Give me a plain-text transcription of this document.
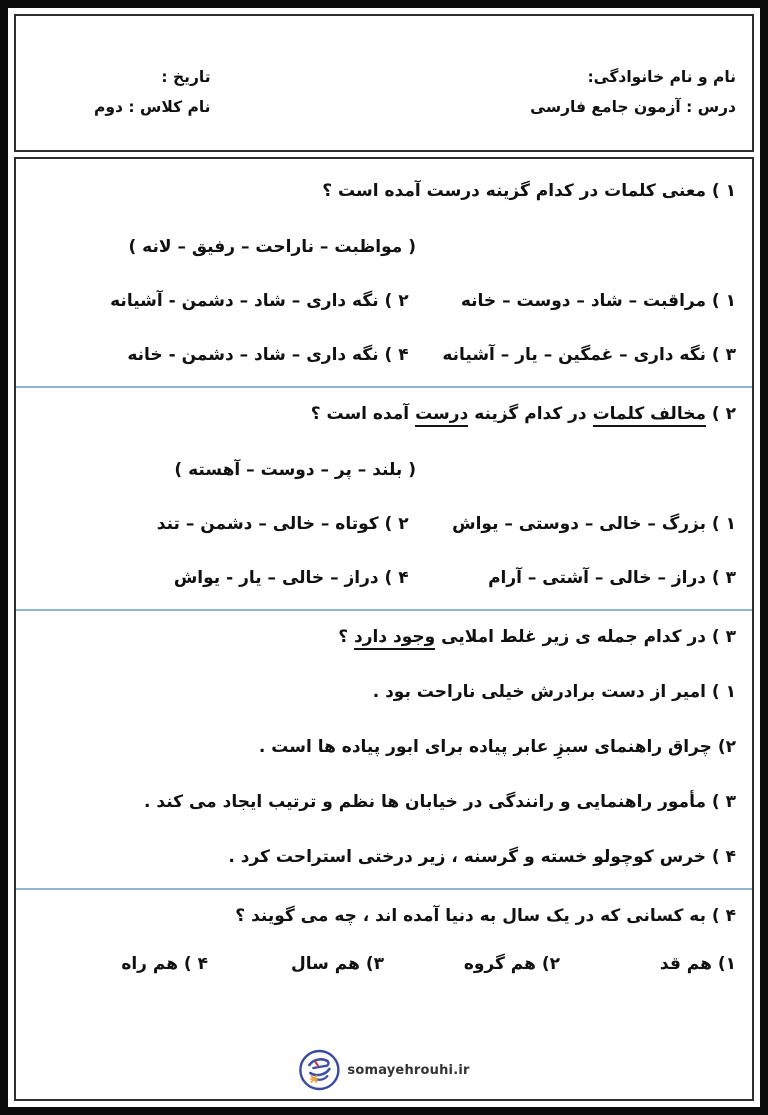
نام و نام خانوادگی:
درس : آزمون جامع فارسی
تاریخ :
نام کلاس : دوم
۱ ) معنی کلمات در کدام گزینه درست آمده است ؟
( مواظبت – ناراحت – رفیق – لانه )
۱ ) مراقبت – شاد – دوست – خانه
۲ ) نگه داری – شاد – دشمن - آشیانه
۳ ) نگه داری – غمگین – یار – آشیانه
۴ ) نگه داری – شاد – دشمن - خانه
۲ ) مخالف کلمات در کدام گزینه درست آمده است ؟
( بلند – پر – دوست – آهسته )
۱ ) بزرگ – خالی – دوستی – یواش
۲ ) کوتاه – خالی – دشمن – تند
۳ ) دراز – خالی – آشتی – آرام
۴ ) دراز – خالی – یار - یواش
۳ ) در کدام جمله ی زیر غلط املایی وجود دارد ؟
۱ ) امیر از دست برادرش خیلی ناراحت بود .
۲) چراق راهنمای سبزِ عابر پیاده برای ابور پیاده ها است .
۳ ) مأمور راهنمایی و رانندگی در خیابان ها نظم و ترتیب ایجاد می کند .
۴ ) خرس کوچولو خسته و گرسنه ، زیر درختی استراحت کرد .
۴ ) به کسانی که در یک سال به دنیا آمده اند ، چه می گویند ؟
۱) هم قد
۲) هم گروه
۳) هم سال
۴ ) هم راه
somayehrouhi.ir
